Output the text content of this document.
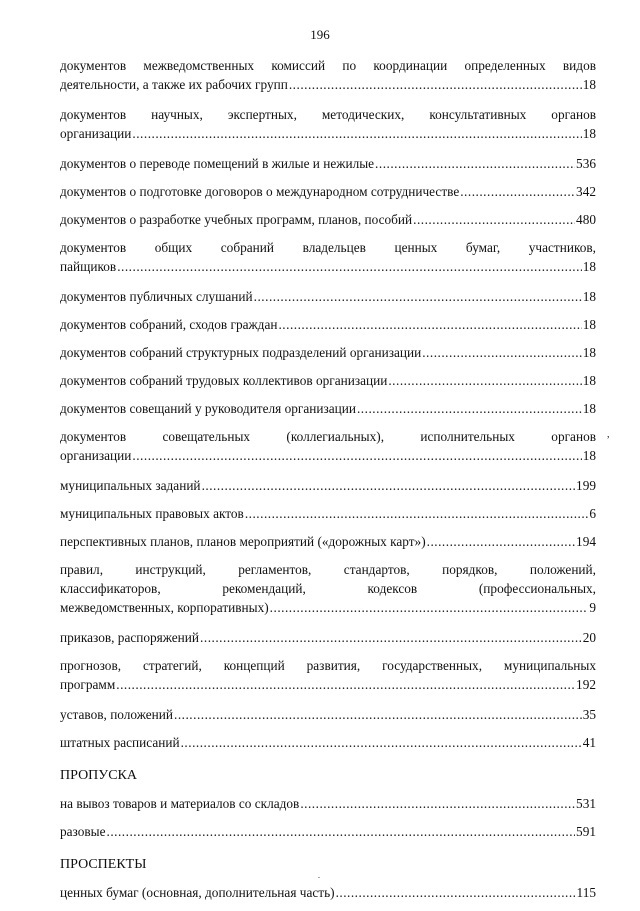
196
документов межведомственных комиссий по координации определенных видов
деятельности, а также их рабочих групп .....	18
документов научных, экспертных, методических, консультативных органов
организации .....	18
документов о переводе помещений в жилые и нежилые .....	536
документов о подготовке договоров о международном сотрудничестве .....	342
документов о разработке учебных программ, планов, пособий .....	480
документов общих собраний владельцев ценных бумаг, участников,
пайщиков .....	18
документов публичных слушаний .....	18
документов собраний, сходов граждан .....	18
документов собраний структурных подразделений организации .....	18
документов собраний трудовых коллективов организации .....	18
документов совещаний у руководителя организации .....	18
документов совещательных (коллегиальных), исполнительных органов
организации .....	18
муниципальных заданий .....	199
муниципальных правовых актов .....	6
перспективных планов, планов мероприятий («дорожных карт») .....	194
правил, инструкций, регламентов, стандартов, порядков, положений,
классификаторов, рекомендаций, кодексов (профессиональных,
межведомственных, корпоративных) .....	9
приказов, распоряжений .....	20
прогнозов, стратегий, концепций развития, государственных, муниципальных
программ .....	192
уставов, положений .....	35
штатных расписаний .....	41
ПРОПУСКА
на вывоз товаров и материалов со складов .....	531
разовые .....	591
ПРОСПЕКТЫ
ценных бумаг (основная, дополнительная часть) .....	115
,
.
